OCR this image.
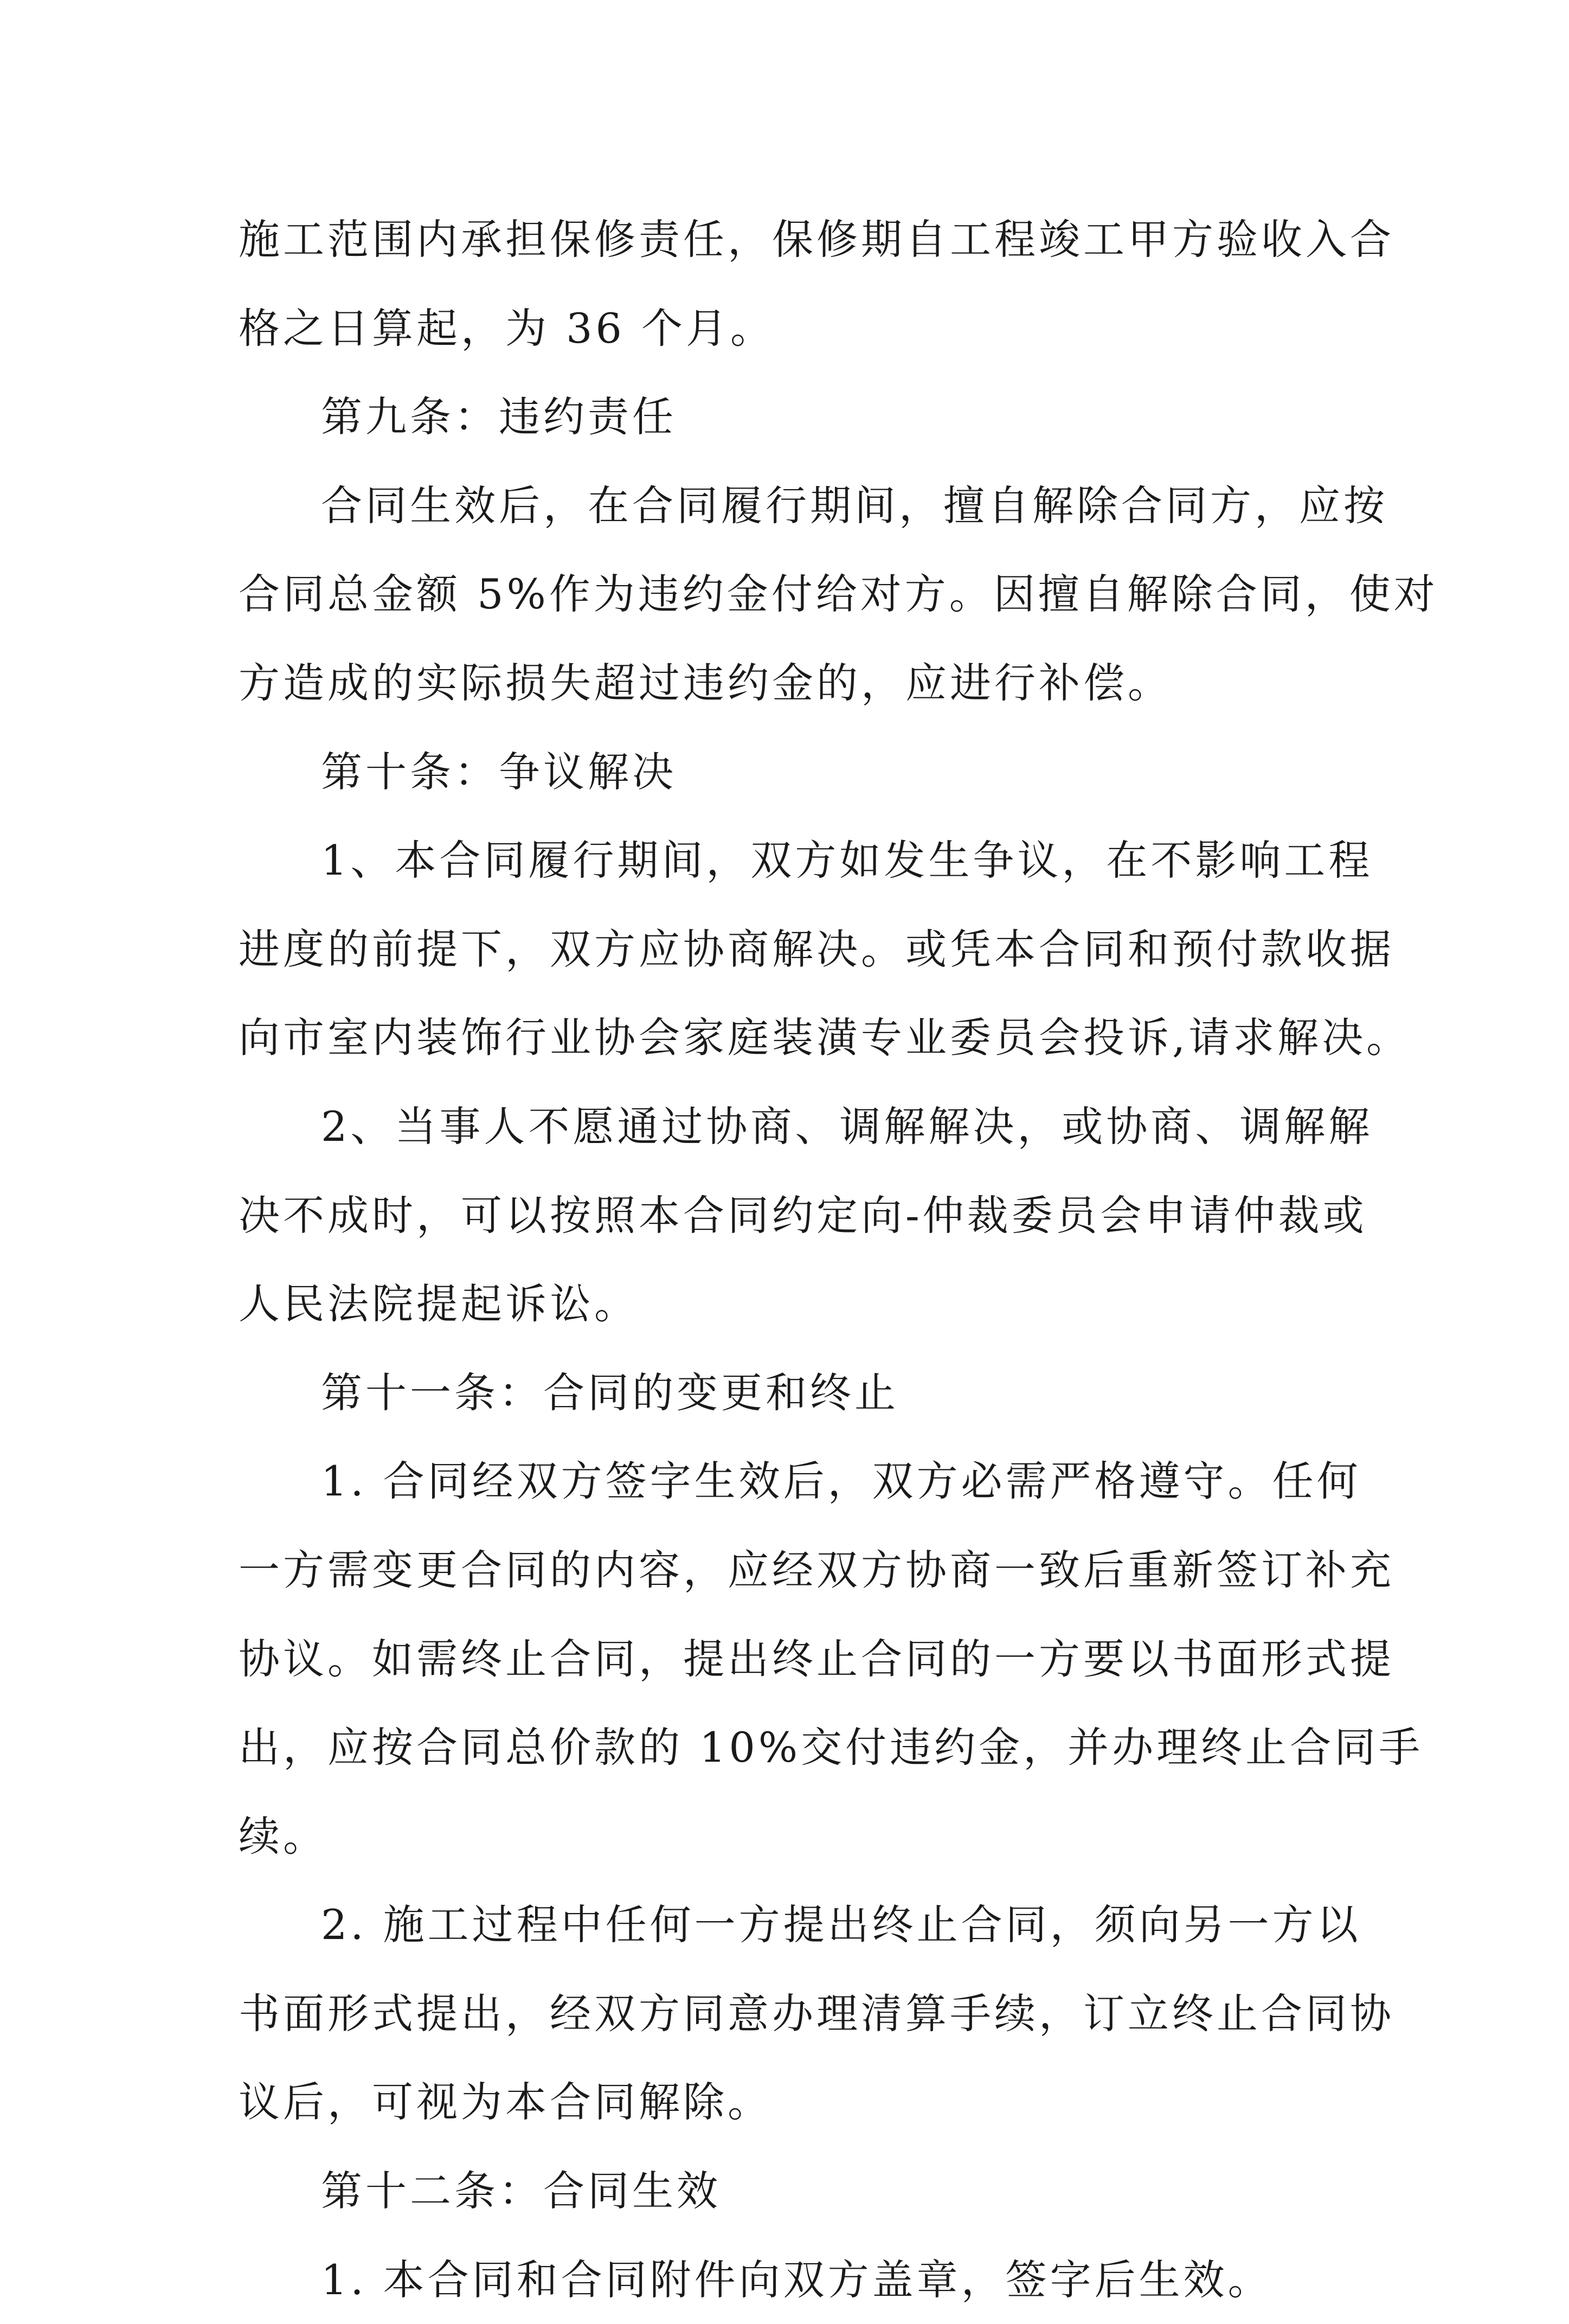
施工范围内承担保修责任，保修期自工程竣工甲方验收入合
格之日算起，为 36 个月。
第九条：违约责任
合同生效后，在合同履行期间，擅自解除合同方，应按
合同总金额 5%作为违约金付给对方。因擅自解除合同，使对
方造成的实际损失超过违约金的，应进行补偿。
第十条：争议解决
1、本合同履行期间，双方如发生争议，在不影响工程
进度的前提下，双方应协商解决。或凭本合同和预付款收据
向市室内装饰行业协会家庭装潢专业委员会投诉,请求解决。
2、当事人不愿通过协商、调解解决，或协商、调解解
决不成时，可以按照本合同约定向-仲裁委员会申请仲裁或
人民法院提起诉讼。
第十一条：合同的变更和终止
1. 合同经双方签字生效后，双方必需严格遵守。任何
一方需变更合同的内容，应经双方协商一致后重新签订补充
协议。如需终止合同，提出终止合同的一方要以书面形式提
出，应按合同总价款的 10%交付违约金，并办理终止合同手
续。
2. 施工过程中任何一方提出终止合同，须向另一方以
书面形式提出，经双方同意办理清算手续，订立终止合同协
议后，可视为本合同解除。
第十二条：合同生效
1. 本合同和合同附件向双方盖章，签字后生效。
